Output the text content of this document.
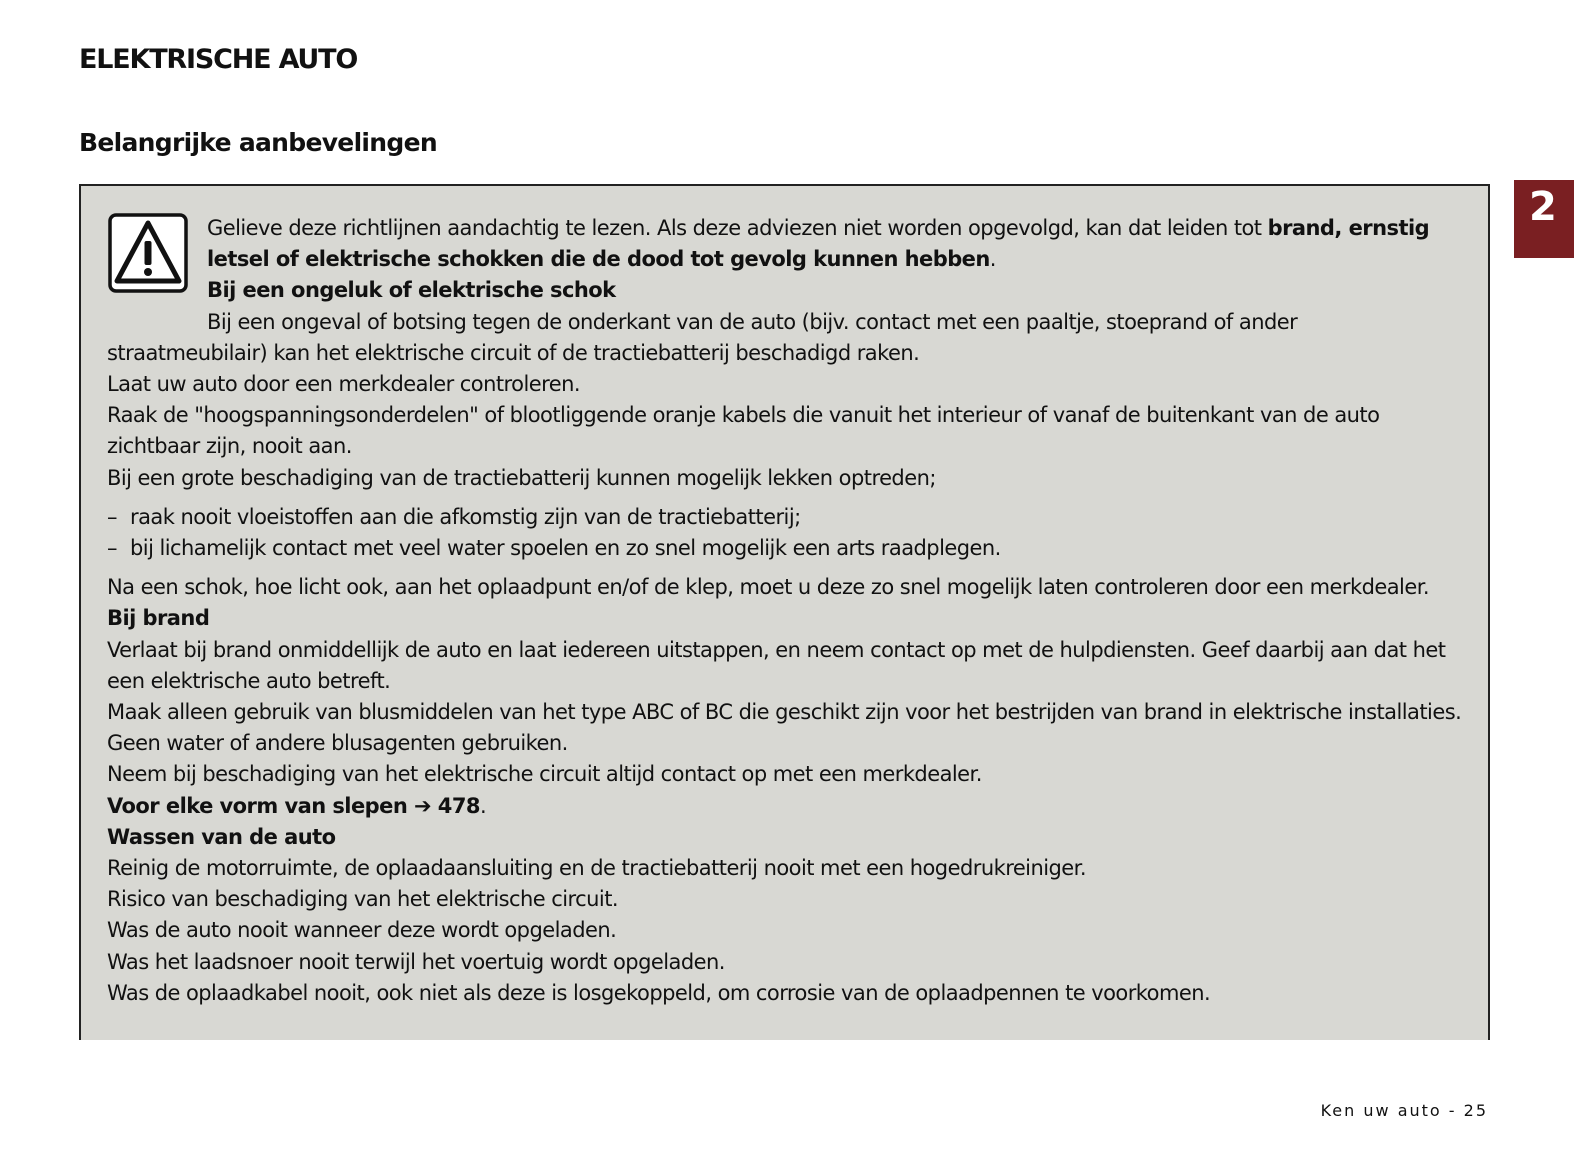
ELEKTRISCHE AUTO
Belangrijke aanbevelingen
2

Gelieve deze richtlijnen aandachtig te lezen. Als deze adviezen niet worden opgevolgd, kan dat leiden tot brand, ernstig letsel of elektrische schokken die de dood tot gevolg kunnen hebben.

Bij een ongeluk of elektrische schok

Bij een ongeval of botsing tegen de onderkant van de auto (bijv. contact met een paaltje, stoeprand of ander straatmeubilair) kan het elektrische circuit of de tractiebatterij beschadigd raken.

Laat uw auto door een merkdealer controleren.

Raak de "hoogspanningsonderdelen" of blootliggende oranje kabels die vanuit het interieur of vanaf de buitenkant van de auto zichtbaar zijn, nooit aan.

Bij een grote beschadiging van de tractiebatterij kunnen mogelijk lekken optreden;

– raak nooit vloeistoffen aan die afkomstig zijn van de tractiebatterij;
– bij lichamelijk contact met veel water spoelen en zo snel mogelijk een arts raadplegen.

Na een schok, hoe licht ook, aan het oplaadpunt en/of de klep, moet u deze zo snel mogelijk laten controleren door een merkdealer.

Bij brand

Verlaat bij brand onmiddellijk de auto en laat iedereen uitstappen, en neem contact op met de hulpdiensten. Geef daarbij aan dat het een elektrische auto betreft.

Maak alleen gebruik van blusmiddelen van het type ABC of BC die geschikt zijn voor het bestrijden van brand in elektrische installaties. Geen water of andere blusagenten gebruiken.

Neem bij beschadiging van het elektrische circuit altijd contact op met een merkdealer.

Voor elke vorm van slepen ➔ 478.

Wassen van de auto

Reinig de motorruimte, de oplaadaansluiting en de tractiebatterij nooit met een hogedrukreiniger.

Risico van beschadiging van het elektrische circuit.

Was de auto nooit wanneer deze wordt opgeladen.

Was het laadsnoer nooit terwijl het voertuig wordt opgeladen.

Was de oplaadkabel nooit, ook niet als deze is losgekoppeld, om corrosie van de oplaadpennen te voorkomen.

Ken uw auto - 25
